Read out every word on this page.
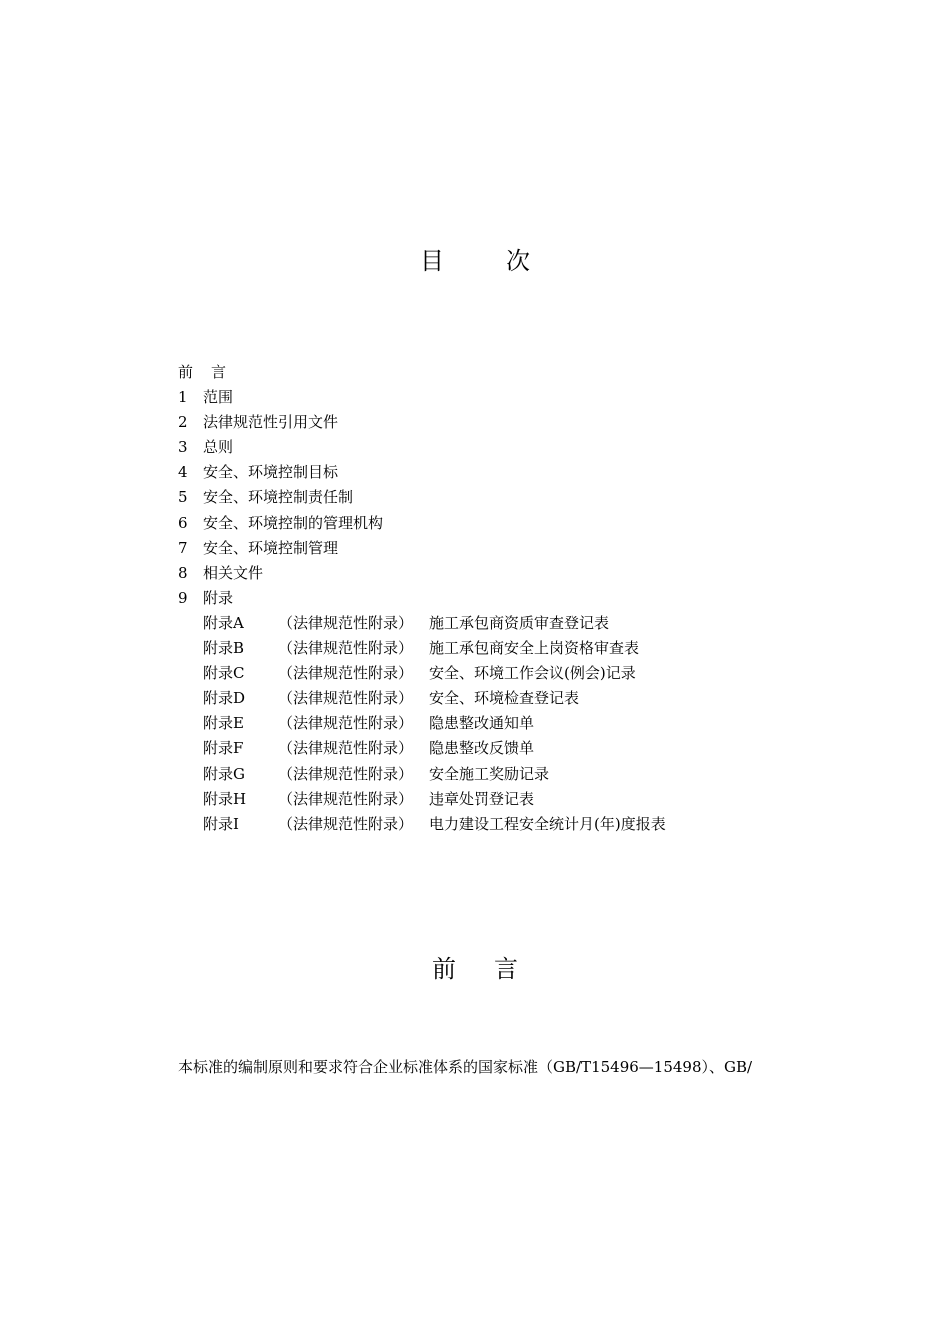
目次
前言
1 范围
2 法律规范性引用文件
3 总则
4 安全、环境控制目标
5 安全、环境控制责任制
6 安全、环境控制的管理机构
7 安全、环境控制管理
8 相关文件
9 附录
附录A （法律规范性附录） 施工承包商资质审查登记表
附录B （法律规范性附录） 施工承包商安全上岗资格审查表
附录C （法律规范性附录） 安全、环境工作会议(例会)记录
附录D （法律规范性附录） 安全、环境检查登记表
附录E （法律规范性附录） 隐患整改通知单
附录F （法律规范性附录） 隐患整改反馈单
附录G （法律规范性附录） 安全施工奖励记录
附录H （法律规范性附录） 违章处罚登记表
附录I	（法律规范性附录） 电力建设工程安全统计月(年)度报表
前言
本标准的编制原则和要求符合企业标准体系的国家标准（GB/T15496—15498）、GB/
